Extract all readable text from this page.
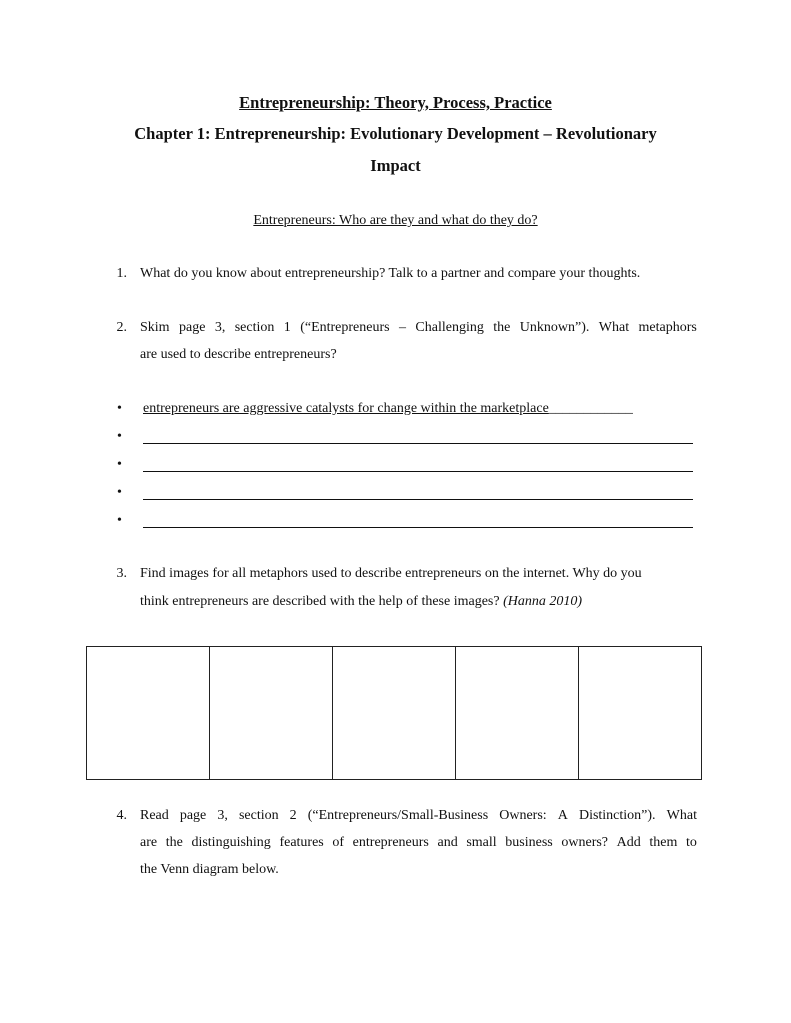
Entrepreneurship: Theory, Process, Practice
Chapter 1: Entrepreneurship: Evolutionary Development – Revolutionary
Impact
Entrepreneurs: Who are they and what do they do?
1. What do you know about entrepreneurship? Talk to a partner and compare your thoughts.
2. Skim page 3, section 1 (“Entrepreneurs – Challenging the Unknown”). What metaphors
are used to describe entrepreneurs?
• entrepreneurs are aggressive catalysts for change within the marketplace____________
•
•
•
•
3. Find images for all metaphors used to describe entrepreneurs on the internet. Why do you
think entrepreneurs are described with the help of these images? (Hanna 2010)

4. Read page 3, section 2 (“Entrepreneurs/Small-Business Owners: A Distinction”). What
are the distinguishing features of entrepreneurs and small business owners? Add them to
the Venn diagram below.
